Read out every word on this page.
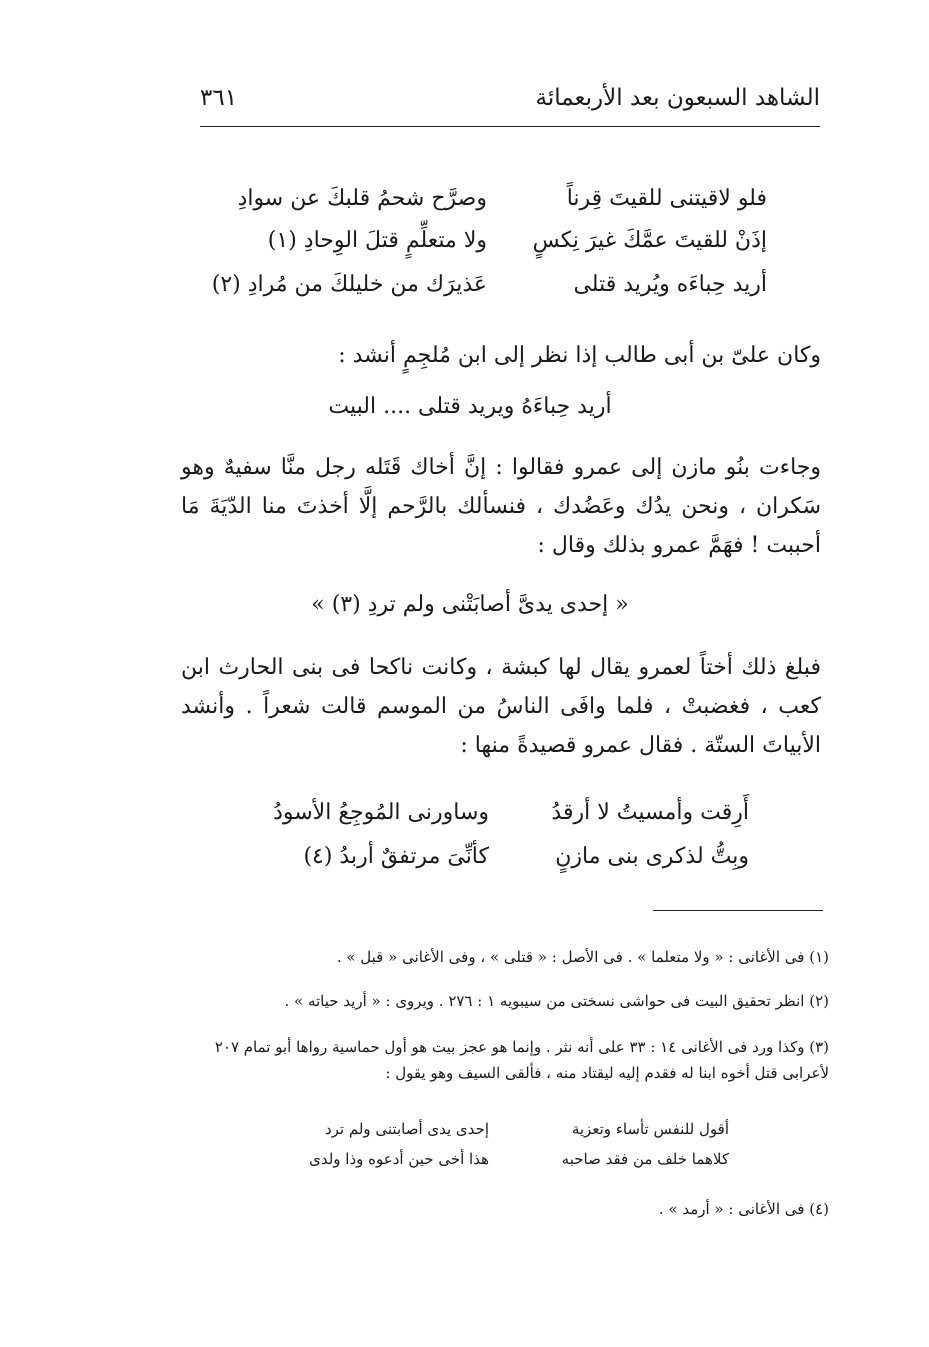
الشاهد السبعون بعد الأربعمائة
٣٦١
فلو لاقيتنى للقيتَ قِرناً
وصرَّح شحمُ قلبكَ عن سوادِ
إذَنْ للقيتَ عمَّكَ غيرَ نِكسٍ
ولا متعلِّمٍ قتلَ الوِحادِ (١)
أريد حِباءَه ويُريد قتلى
عَذيرَك من خليلكَ من مُرادِ (٢)

وكان علىّ بن أبى طالب إذا نظر إلى ابن مُلجِمٍ أنشد :

أريد حِباءَهُ ويريد قتلى .... البيت

وجاءت بنُو مازن إلى عمرو فقالوا : إنَّ أخاك قَتَله رجل منَّا سفيهٌ وهو سَكران ، ونحن يدُك وعَضُدك ، فنسألك بالرَّحم إلَّا أخذتَ منا الدّيَةَ مَا أحببت ! فهَمَّ عمرو بذلك وقال :

« إحدى يدىَّ أصابَتْنى ولم تردِ (٣) »

فبلغ ذلك أختاً لعمرو يقال لها كبشة ، وكانت ناكحا فى بنى الحارث ابن كعب ، فغضبتْ ، فلما وافَى الناسُ من الموسم قالت شعراً . وأنشد الأبياتَ الستّة . فقال عمرو قصيدةً منها :

أَرِقت وأمسيتُ لا أرقدُ
وساورنى المُوجِعُ الأسودُ
وبِتُّ لذكرى بنى مازنٍ
كأنِّىَ مرتفقٌ أربدُ (٤)

(١) فى الأغانى : « ولا متعلما » . فى الأصل : « قتلى » ، وفى الأغانى « قبل » .

(٢) انظر تحقيق البيت فى حواشى نسختى من سيبويه ١ : ٢٧٦ . ويروى : « أريد حياته » .

(٣) وكذا ورد فى الأغانى ١٤ : ٣٣ على أنه نثر . وإنما هو عجز بيت هو أول حماسية رواها أبو تمام ٢٠٧ لأعرابى قتل أخوه ابنا له فقدم إليه ليقتاد منه ، فألقى السيف وهو يقول :

أقول للنفس تأساء وتعزية
إحدى يدى أصابتنى ولم ترد
كلاهما خلف من فقد صاحبه
هذا أخى حين أدعوه وذا ولدى

(٤) فى الأغانى : « أرمد » .
